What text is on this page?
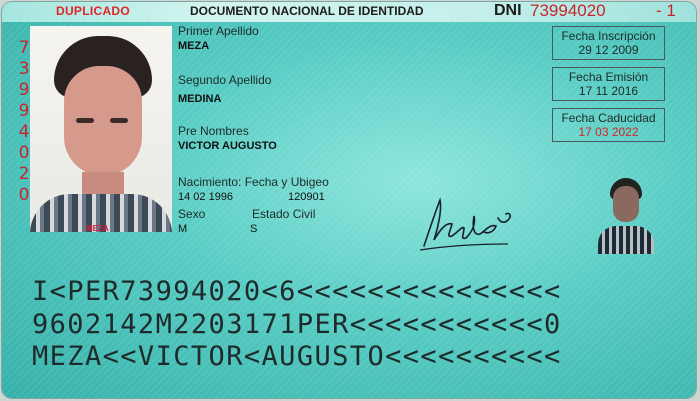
DUPLICADO	DOCUMENTO NACIONAL DE IDENTIDAD	DNI 73994020	- 1
73994020
MEZA
Primer Apellido
MEZA
Segundo Apellido
MEDINA
Pre Nombres
VICTOR AUGUSTO
Nacimiento: Fecha y Ubigeo
14 02 1996	120901
Sexo	Estado Civil
M	S
Fecha Inscripción
29 12 2009
Fecha Emisión
17 11 2016
Fecha Caducidad
17 03 2022
I<PER73994020<6<<<<<<<<<<<<<<<
9602142M2203171PER<<<<<<<<<<<0
MEZA<<VICTOR<AUGUSTO<<<<<<<<<<
